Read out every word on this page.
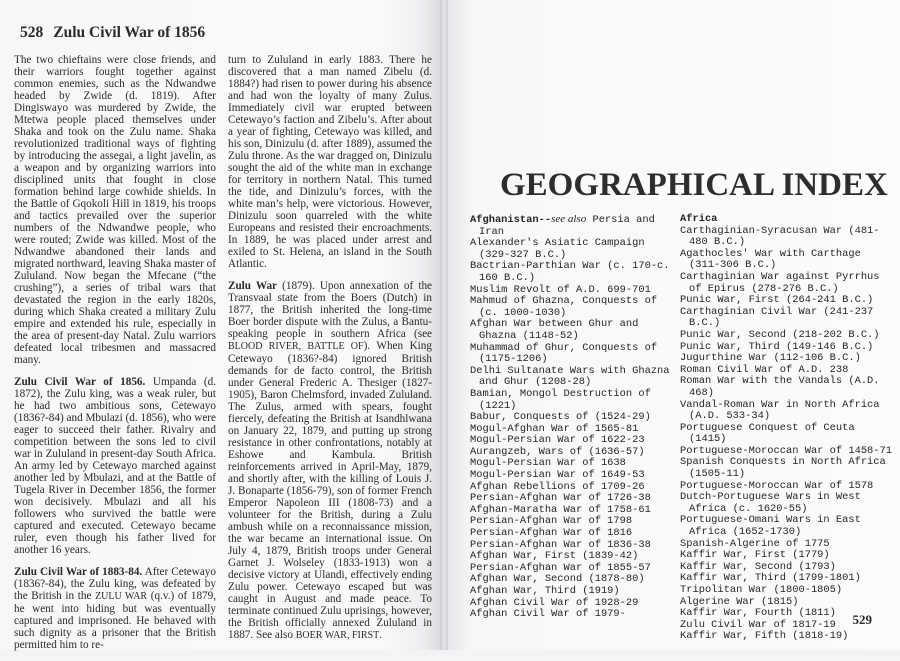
528 Zulu Civil War of 1856

The two chieftains were close friends, and their warriors fought together against common enemies, such as the Ndwandwe headed by Zwide (d. 1819). After Dingiswayo was murdered by Zwide, the Mtetwa people placed themselves under Shaka and took on the Zulu name. Shaka revolutionized traditional ways of fighting by introducing the assegai, a light javelin, as a weapon and by organizing warriors into disciplined units that fought in close formation behind large cowhide shields. In the Battle of Gqokoli Hill in 1819, his troops and tactics prevailed over the superior numbers of the Ndwandwe people, who were routed; Zwide was killed. Most of the Ndwandwe abandoned their lands and migrated northward, leaving Shaka master of Zululand. Now began the Mfecane (“the crushing”), a series of tribal wars that devastated the region in the early 1820s, during which Shaka created a military Zulu empire and extended his rule, especially in the area of present-day Natal. Zulu warriors defeated local tribesmen and massacred many.

Zulu Civil War of 1856. Umpanda (d. 1872), the Zulu king, was a weak ruler, but he had two ambitious sons, Cetewayo (1836?-84) and Mbulazi (d. 1856), who were eager to succeed their father. Rivalry and competition between the sons led to civil war in Zululand in present-day South Africa. An army led by Cetewayo marched against another led by Mbulazi, and at the Battle of Tugela River in December 1856, the former won decisively. Mbulazi and all his followers who survived the battle were captured and executed. Cetewayo became ruler, even though his father lived for another 16 years.

Zulu Civil War of 1883-84. After Cetewayo (1836?-84), the Zulu king, was defeated by the British in the ZULU WAR (q.v.) of 1879, he went into hiding but was eventually captured and imprisoned. He behaved with such dignity as a prisoner that the British permitted him to re-

turn to Zululand in early 1883. There he discovered that a man named Zibelu (d. 1884?) had risen to power during his absence and had won the loyalty of many Zulus. Immediately civil war erupted between Cetewayo’s faction and Zibelu’s. After about a year of fighting, Cetewayo was killed, and his son, Dinizulu (d. after 1889), assumed the Zulu throne. As the war dragged on, Dinizulu sought the aid of the white man in exchange for territory in northern Natal. This turned the tide, and Dinizulu’s forces, with the white man’s help, were victorious. However, Dinizulu soon quarreled with the white Europeans and resisted their encroachments. In 1889, he was placed under arrest and exiled to St. Helena, an island in the South Atlantic.

Zulu War (1879). Upon annexation of the Transvaal state from the Boers (Dutch) in 1877, the British inherited the long-time Boer border dispute with the Zulus, a Bantu-speaking people in southern Africa (see BLOOD RIVER, BATTLE OF). When King Cetewayo (1836?-84) ignored British demands for de facto control, the British under General Frederic A. Thesiger (1827-1905), Baron Chelmsford, invaded Zululand. The Zulus, armed with spears, fought fiercely, defeating the British at Isandhlwana on January 22, 1879, and putting up strong resistance in other confrontations, notably at Eshowe and Kambula. British reinforcements arrived in April-May, 1879, and shortly after, with the killing of Louis J. J. Bonaparte (1856-79), son of former French Emperor Napoleon III (1808-73) and a volunteer for the British, during a Zulu ambush while on a reconnaissance mission, the war became an international issue. On July 4, 1879, British troops under General Garnet J. Wolseley (1833-1913) won a decisive victory at Ulandi, effectively ending Zulu power. Cetewayo escaped but was caught in August and made peace. To terminate continued Zulu uprisings, however, the British officially annexed Zululand in 1887. See also BOER WAR, FIRST.

GEOGRAPHICAL INDEX
Afghanistan--see also Persia and Iran
Alexander's Asiatic Campaign (329-327 B.C.)
Bactrian-Parthian War (c. 170-c. 160 B.C.)
Muslim Revolt of A.D. 699-701
Mahmud of Ghazna, Conquests of (c. 1000-1030)
Afghan War between Ghur and Ghazna (1148-52)
Muhammad of Ghur, Conquests of (1175-1206)
Delhi Sultanate Wars with Ghazna and Ghur (1208-28)
Bamian, Mongol Destruction of (1221)
Babur, Conquests of (1524-29)
Mogul-Afghan War of 1565-81
Mogul-Persian War of 1622-23
Aurangzeb, Wars of (1636-57)
Mogul-Persian War of 1638
Mogul-Persian War of 1649-53
Afghan Rebellions of 1709-26
Persian-Afghan War of 1726-38
Afghan-Maratha War of 1758-61
Persian-Afghan War of 1798
Persian-Afghan War of 1816
Persian-Afghan War of 1836-38
Afghan War, First (1839-42)
Persian-Afghan War of 1855-57
Afghan War, Second (1878-80)
Afghan War, Third (1919)
Afghan Civil War of 1928-29
Afghan Civil War of 1979-
Africa
Carthaginian-Syracusan War (481-480 B.C.)
Agathocles' War with Carthage (311-306 B.C.)
Carthaginian War against Pyrrhus of Epirus (278-276 B.C.)
Punic War, First (264-241 B.C.)
Carthaginian Civil War (241-237 B.C.)
Punic War, Second (218-202 B.C.)
Punic War, Third (149-146 B.C.)
Jugurthine War (112-106 B.C.)
Roman Civil War of A.D. 238
Roman War with the Vandals (A.D. 468)
Vandal-Roman War in North Africa (A.D. 533-34)
Portuguese Conquest of Ceuta (1415)
Portuguese-Moroccan War of 1458-71
Spanish Conquests in North Africa (1505-11)
Portuguese-Moroccan War of 1578
Dutch-Portuguese Wars in West Africa (c. 1620-55)
Portuguese-Omani Wars in East Africa (1652-1730)
Spanish-Algerine of 1775
Kaffir War, First (1779)
Kaffir War, Second (1793)
Kaffir War, Third (1799-1801)
Tripolitan War (1800-1805)
Algerine War (1815)
Kaffir War, Fourth (1811)
Zulu Civil War of 1817-19
Kaffir War, Fifth (1818-19)
529
